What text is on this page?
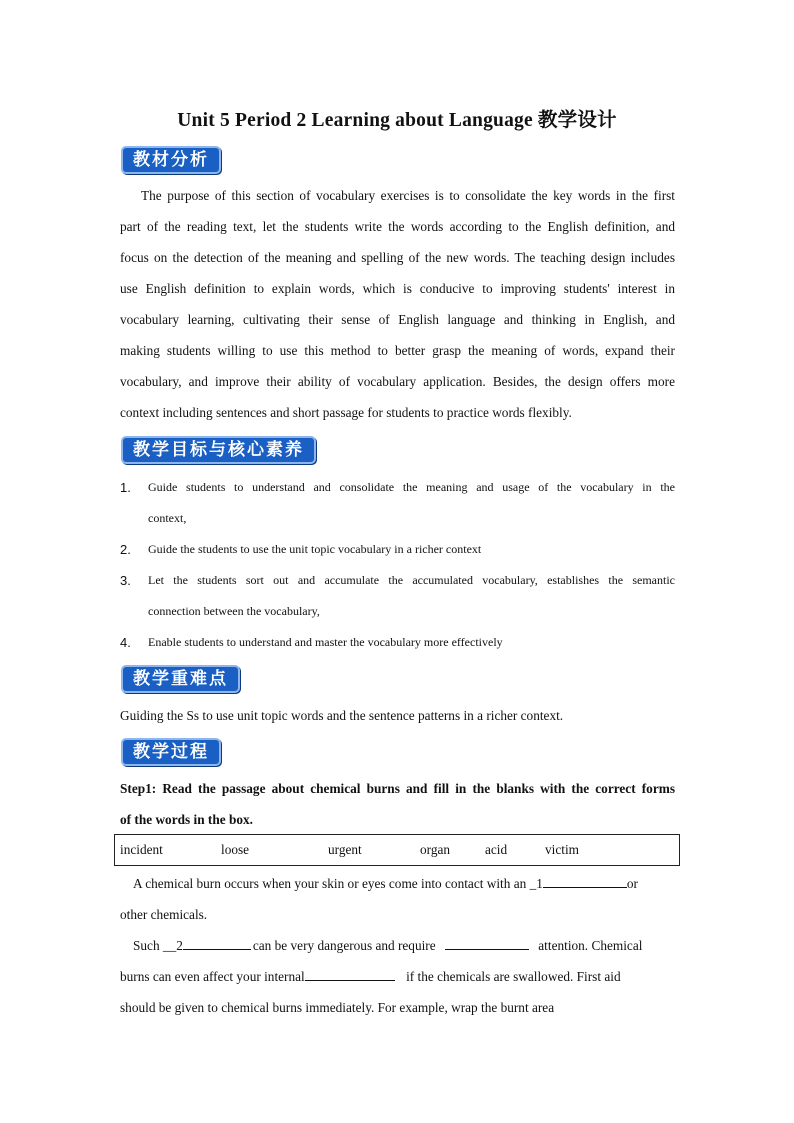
Unit 5 Period 2 Learning about Language 教学设计
教材分析
The purpose of this section of vocabulary exercises is to consolidate the key words in the first
part of the reading text, let the students write the words according to the English definition, and
focus on the detection of the meaning and spelling of the new words. The teaching design includes
use English definition to explain words, which is conducive to improving students' interest in
vocabulary learning, cultivating their sense of English language and thinking in English, and
making students willing to use this method to better grasp the meaning of words, expand their
vocabulary, and improve their ability of vocabulary application. Besides, the design offers more
context including sentences and short passage for students to practice words flexibly.
教学目标与核心素养
1. Guide students to understand and consolidate the meaning and usage of the vocabulary in the
context,
2. Guide the students to use the unit topic vocabulary in a richer context
3. Let the students sort out and accumulate the accumulated vocabulary, establishes the semantic
connection between the vocabulary,
4. Enable students to understand and master the vocabulary more effectively
教学重难点
Guiding the Ss to use unit topic words and the sentence patterns in a richer context.
教学过程
Step1: Read the passage about chemical burns and fill in the blanks with the correct forms
of the words in the box.
incident	loose	urgent	organ	acid	victim
A chemical burn occurs when your skin or eyes come into contact with an _1	or
other chemicals.
Such __2	can be very dangerous and require	attention. Chemical
burns can even affect your internal	if the chemicals are swallowed. First aid
should be given to chemical burns immediately. For example, wrap the burnt area
